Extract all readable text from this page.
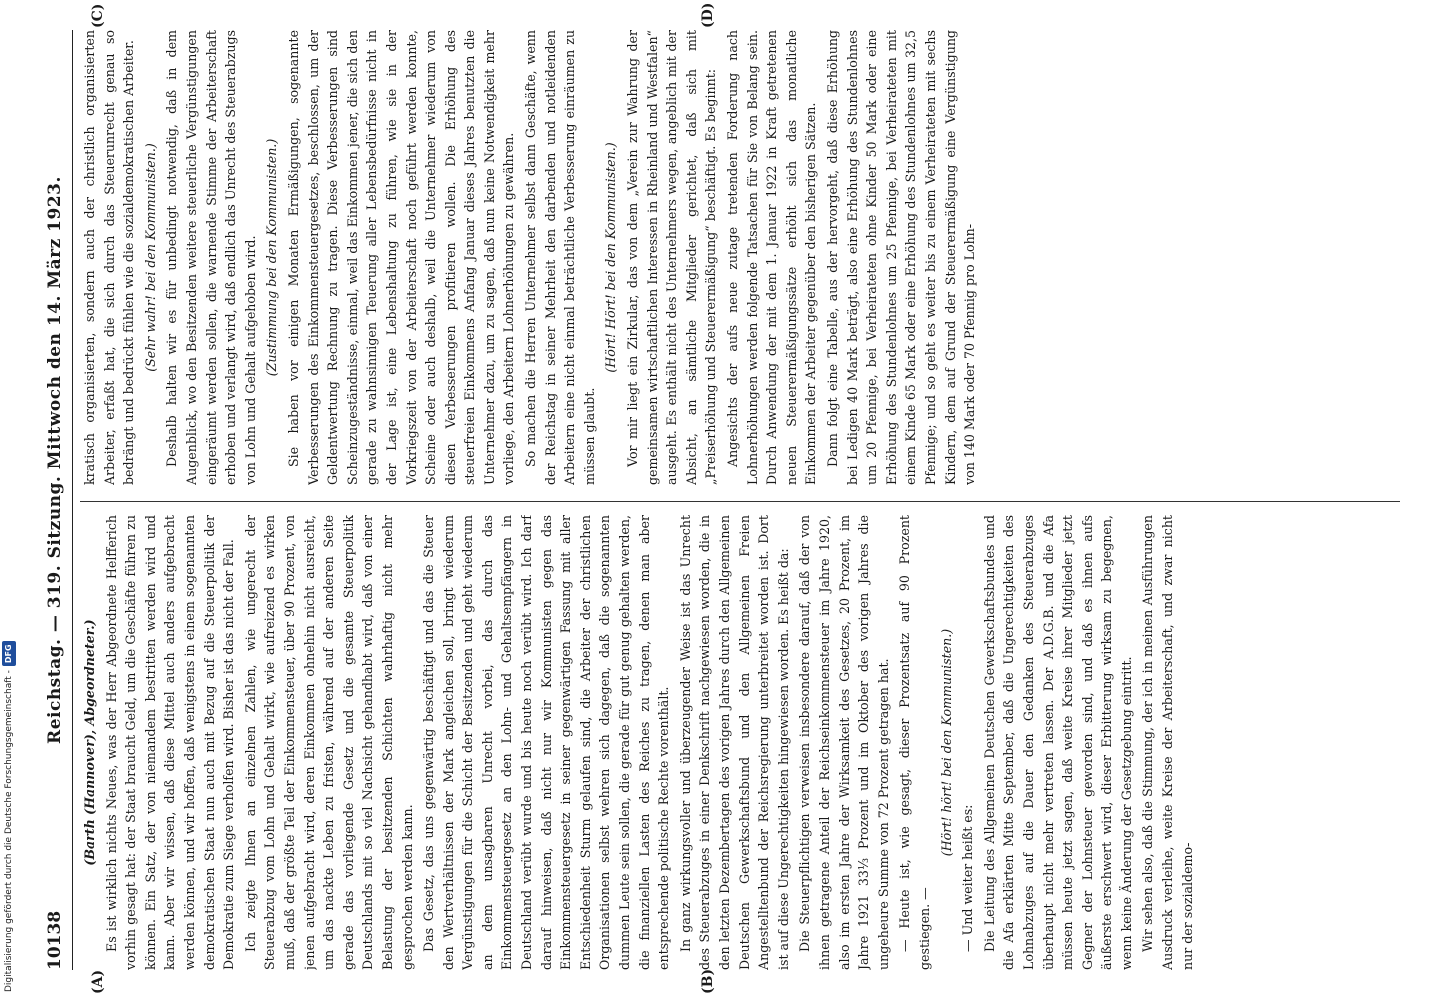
10138
Reichstag. — 319. Sitzung. Mittwoch den 14. März 1923.
(A)	(B)
(C)	(D)

(Barth (Hannover), Abgeordneter.) Es ist wirklich nichts Neues, was der Herr Abgeordnete Helfferich vorhin gesagt hat: der Staat braucht Geld, um die Geschäfte führen zu können. Ein Satz, der von niemandem bestritten werden wird und kann. Aber wir wissen, daß diese Mittel auch anders aufgebracht werden können, und wir hoffen, daß wenigstens in einem sogenannten demokratischen Staat nun auch mit Bezug auf die Steuerpolitik der Demokratie zum Siege verholfen wird. Bisher ist das nicht der Fall. Ich zeigte Ihnen an einzelnen Zahlen, wie ungerecht der Steuerabzug vom Lohn und Gehalt wirkt, wie aufreizend es wirken muß, daß der größte Teil der Einkommensteuer, über 90 Prozent, von jenen aufgebracht wird, deren Einkommen ohnehin nicht ausreicht, um das nackte Leben zu fristen, während auf der anderen Seite gerade das vorliegende Gesetz und die gesamte Steuerpolitik Deutschlands mit so viel Nachsicht gehandhabt wird, daß von einer Belastung der besitzenden Schichten wahrhaftig nicht mehr gesprochen werden kann. Das Gesetz, das uns gegenwärtig beschäftigt und das die Steuer den Wertverhältnissen der Mark angleichen soll, bringt wiederum Vergünstigungen für die Schicht der Besitzenden und geht wiederum an dem unsagbaren Unrecht vorbei, das durch das Einkommensteuergesetz an den Lohn- und Gehaltsempfängern in Deutschland verübt wurde und bis heute noch verübt wird. Ich darf darauf hinweisen, daß nicht nur wir Kommunisten gegen das Einkommensteuergesetz in seiner gegenwärtigen Fassung mit aller Entschiedenheit Sturm gelaufen sind, die Arbeiter der christlichen Organisationen selbst wehren sich dagegen, daß die sogenannten dummen Leute sein sollen, die gerade für gut genug gehalten werden, die finanziellen Lasten des Reiches zu tragen, denen man aber entsprechende politische Rechte vorenthält. In ganz wirkungsvoller und überzeugender Weise ist das Unrecht des Steuerabzuges in einer Denkschrift nachgewiesen worden, die in den letzten Dezembertagen des vorigen Jahres durch den Allgemeinen Deutschen Gewerkschaftsbund und den Allgemeinen Freien Angestelltenbund der Reichsregierung unterbreitet worden ist. Dort ist auf diese Ungerechtigkeiten hingewiesen worden. Es heißt da: Die Steuerpflichtigen verweisen insbesondere darauf, daß der von ihnen getragene Anteil der Reichseinkommensteuer im Jahre 1920, also im ersten Jahre der Wirksamkeit des Gesetzes, 20 Prozent, im Jahre 1921 33⅓ Prozent und im Oktober des vorigen Jahres die ungeheure Summe von 72 Prozent getragen hat. — Heute ist, wie gesagt, dieser Prozentsatz auf 90 Prozent gestiegen. —

(Hört! hört! bei den Kommunisten.)

— Und weiter heißt es: Die Leitung des Allgemeinen Deutschen Gewerkschaftsbundes und die Afa erklärten Mitte September, daß die Ungerechtigkeiten des Lohnabzuges auf die Dauer den Gedanken des Steuerabzuges überhaupt nicht mehr vertreten lassen. Der A.D.G.B. und die Afa müssen heute jetzt sagen, daß weite Kreise ihrer Mitglieder jetzt Gegner der Lohnsteuer geworden sind, und daß es ihnen aufs äußerste erschwert wird, dieser Erbitterung wirksam zu begegnen, wenn keine Änderung der Gesetzgebung eintritt. Wir sehen also, daß die Stimmung, der ich in meinen Ausführungen Ausdruck verleihe, weite Kreise der Arbeiterschaft, und zwar nicht nur der sozialdemo-

kratisch organisierten, sondern auch der christlich organisierten Arbeiter, erfaßt hat, die sich durch das Steuerunrecht genau so bedrängt und bedrückt fühlen wie die sozialdemokratischen Arbeiter. (Sehr wahr! bei den Kommunisten.) Deshalb halten wir es für unbedingt notwendig, daß in dem Augenblick, wo den Besitzenden weitere steuerliche Vergünstigungen eingeräumt werden sollen, die warnende Stimme der Arbeiterschaft erhoben und verlangt wird, daß endlich das Unrecht des Steuerabzugs von Lohn und Gehalt aufgehoben wird. (Zustimmung bei den Kommunisten.) Sie haben vor einigen Monaten Ermäßigungen, sogenannte Verbesserungen des Einkommensteuergesetzes, beschlossen, um der Geldentwertung Rechnung zu tragen. Diese Verbesserungen sind Scheinzugeständnisse, einmal, weil das Einkommen jener, die sich den gerade zu wahnsinnigen Teuerung aller Lebensbedürfnisse nicht in der Lage ist, eine Lebenshaltung zu führen, wie sie in der Vorkriegszeit von der Arbeiterschaft noch geführt werden konnte, Scheine oder auch deshalb, weil die Unternehmer wiederum von diesen Verbesserungen profitieren wollen. Die Erhöhung des steuerfreien Einkommens Anfang Januar dieses Jahres benutzten die Unternehmer dazu, um zu sagen, daß nun keine Notwendigkeit mehr vorliege, den Arbeitern Lohnerhöhungen zu gewähren. So machen die Herren Unternehmer selbst dann Geschäfte, wenn der Reichstag in seiner Mehrheit den darbenden und notleidenden Arbeitern eine nicht einmal beträchtliche Verbesserung einräumen zu müssen glaubt.

(Hört! Hört! bei den Kommunisten.) Vor mir liegt ein Zirkular, das von dem „Verein zur Wahrung der gemeinsamen wirtschaftlichen Interessen in Rheinland und Westfalen“ ausgeht. Es enthält nicht des Unternehmers wegen, angeblich mit der Absicht, an sämtliche Mitglieder gerichtet, daß sich mit „Preiserhöhung und Steuerermäßigung“ beschäftigt. Es beginnt: Angesichts der aufs neue zutage tretenden Forderung nach Lohnerhöhungen werden folgende Tatsachen für Sie von Belang sein. Durch Anwendung der mit dem 1. Januar 1922 in Kraft getretenen neuen Steuerermäßigungssätze erhöht sich das monatliche Einkommen der Arbeiter gegenüber den bisherigen Sätzen. Dann folgt eine Tabelle, aus der hervorgeht, daß diese Erhöhung bei Ledigen 40 Mark beträgt, also eine Erhöhung des Stundenlohnes um 20 Pfennige, bei Verheirateten ohne Kinder 50 Mark oder eine Erhöhung des Stundenlohnes um 25 Pfennige, bei Verheirateten mit einem Kinde 65 Mark oder eine Erhöhung des Stundenlohnes um 32,5 Pfennige; und so geht es weiter bis zu einem Verheirateten mit sechs Kindern, dem auf Grund der Steuerermäßigung eine Vergünstigung von 140 Mark oder 70 Pfennig pro Lohn-

Digitalisierung gefördert durch die Deutsche Forschungsgemeinschaft -
DFG
